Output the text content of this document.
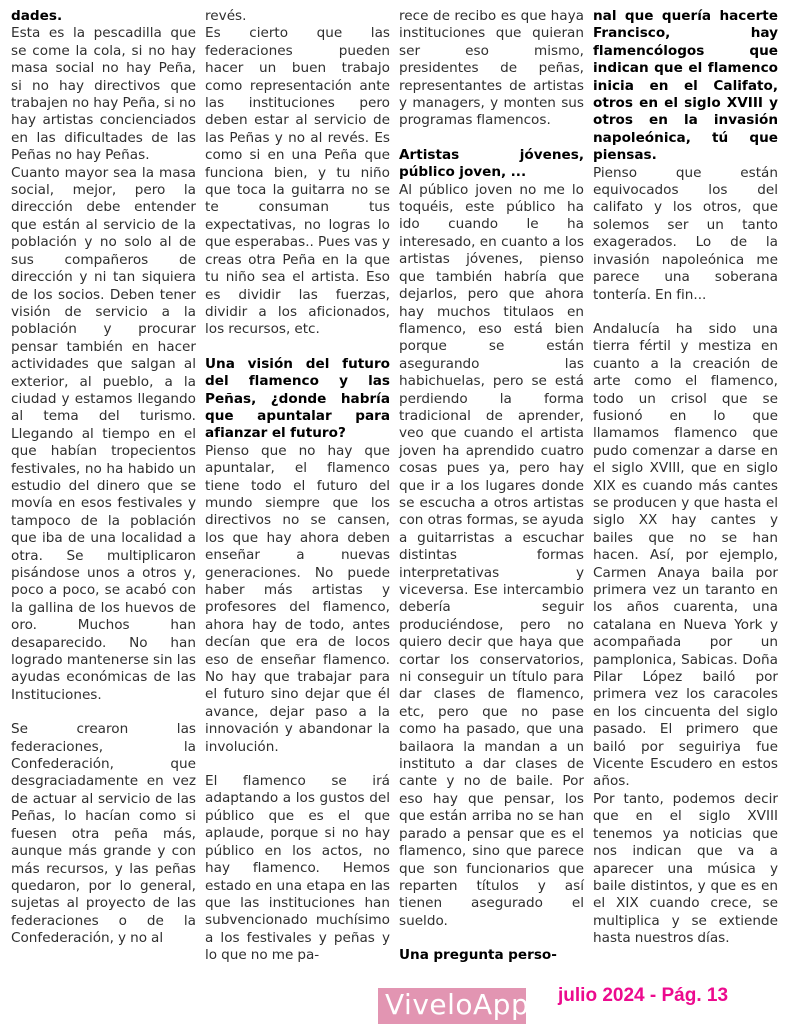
dades.

Esta es la pescadilla que se come la cola, si no hay masa social no hay Peña, si no hay directivos que trabajen no hay Peña, si no hay artistas concienciados en las dificultades de las Peñas no hay Peñas.

Cuanto mayor sea la masa social, mejor, pero la dirección debe entender que están al servicio de la población y no solo al de sus compañeros de dirección y ni tan siquiera de los socios. Deben tener visión de servicio a la población y procurar pensar también en hacer actividades que salgan al exterior, al pueblo, a la ciudad y estamos llegando al tema del turismo. Llegando al tiempo en el que habían tropecientos festivales, no ha habido un estudio del dinero que se movía en esos festivales y tampoco de la población que iba de una localidad a otra. Se multiplicaron pisándose unos a otros y, poco a poco, se acabó con la gallina de los huevos de oro. Muchos han desaparecido. No han logrado mantenerse sin las ayudas económicas de las Instituciones.

Se crearon las federaciones, la Confederación, que desgraciadamente en vez de actuar al servicio de las Peñas, lo hacían como si fuesen otra peña más, aunque más grande y con más recursos, y las peñas quedaron, por lo general, sujetas al proyecto de las federaciones o de la Confederación, y no al

revés.

Es cierto que las federaciones pueden hacer un buen trabajo como representación ante las instituciones pero deben estar al servicio de las Peñas y no al revés. Es como si en una Peña que funciona bien, y tu niño que toca la guitarra no se te consuman tus expectativas, no logras lo que esperabas.. Pues vas y creas otra Peña en la que tu niño sea el artista. Eso es dividir las fuerzas, dividir a los aficionados, los recursos, etc.

Una visión del futuro del flamenco y las Peñas, ¿donde habría que apuntalar para afianzar el futuro?

Pienso que no hay que apuntalar, el flamenco tiene todo el futuro del mundo siempre que los directivos no se cansen, los que hay ahora deben enseñar a nuevas generaciones. No puede haber más artistas y profesores del flamenco, ahora hay de todo, antes decían que era de locos eso de enseñar flamenco. No hay que trabajar para el futuro sino dejar que él avance, dejar paso a la innovación y abandonar la involución.

El flamenco se irá adaptando a los gustos del público que es el que aplaude, porque si no hay público en los actos, no hay flamenco. Hemos estado en una etapa en las que las instituciones han subvencionado muchísimo a los festivales y peñas y lo que no me pa-

rece de recibo es que haya instituciones que quieran ser eso mismo, presidentes de peñas, representantes de artistas y managers, y monten sus programas flamencos.

Artistas jóvenes, público joven, ...

Al público joven no me lo toquéis, este público ha ido cuando le ha interesado, en cuanto a los artistas jóvenes, pienso que también habría que dejarlos, pero que ahora hay muchos titulaos en flamenco, eso está bien porque se están asegurando las habichuelas, pero se está perdiendo la forma tradicional de aprender, veo que cuando el artista joven ha aprendido cuatro cosas pues ya, pero hay que ir a los lugares donde se escucha a otros artistas con otras formas, se ayuda a guitarristas a escuchar distintas formas interpretativas y viceversa. Ese intercambio debería seguir produciéndose, pero no quiero decir que haya que cortar los conservatorios, ni conseguir un título para dar clases de flamenco, etc, pero que no pase como ha pasado, que una bailaora la mandan a un instituto a dar clases de cante y no de baile. Por eso hay que pensar, los que están arriba no se han parado a pensar que es el flamenco, sino que parece que son funcionarios que reparten títulos y así tienen asegurado el sueldo.

Una pregunta perso-

nal que quería hacerte Francisco, hay flamencólogos que indican que el flamenco inicia en el Califato, otros en el siglo XVIII y otros en la invasión napoleónica, tú que piensas.

Pienso que están equivocados los del califato y los otros, que solemos ser un tanto exagerados. Lo de la invasión napoleónica me parece una soberana tontería. En fin...

Andalucía ha sido una tierra fértil y mestiza en cuanto a la creación de arte como el flamenco, todo un crisol que se fusionó en lo que llamamos flamenco que pudo comenzar a darse en el siglo XVIII, que en siglo XIX es cuando más cantes se producen y que hasta el siglo XX hay cantes y bailes que no se han hacen. Así, por ejemplo, Carmen Anaya baila por primera vez un taranto en los años cuarenta, una catalana en Nueva York y acompañada por un pamplonica, Sabicas. Doña Pilar López bailó por primera vez los caracoles en los cincuenta del siglo pasado. El primero que bailó por seguiriya fue Vicente Escudero en estos años.

Por tanto, podemos decir que en el siglo XVIII tenemos ya noticias que nos indican que va a aparecer una música y baile distintos, y que es en el XIX cuando crece, se multiplica y se extiende hasta nuestros días.

ViveloApp julio 2024 - Pág. 13
